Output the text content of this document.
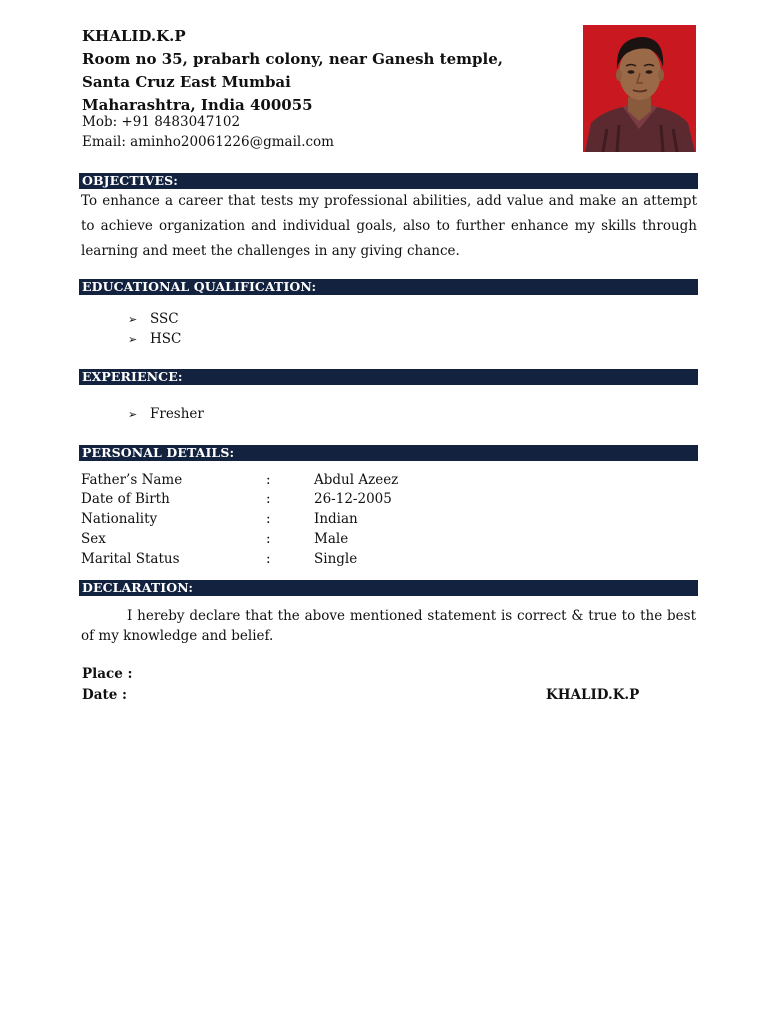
KHALID.K.P
Room no 35, prabarh colony, near Ganesh temple,
Santa Cruz East Mumbai
Maharashtra, India 400055
Mob: +91 8483047102
Email: aminho20061226@gmail.com
OBJECTIVES:
To enhance a career that tests my professional abilities, add value and make an attempt to achieve organization and individual goals, also to further enhance my skills through learning and meet the challenges in any giving chance.
EDUCATIONAL QUALIFICATION:
➢ SSC
➢ HSC
EXPERIENCE:
➢ Fresher
PERSONAL DETAILS:
Father’s Name	:	Abdul Azeez
Date of Birth	:	26-12-2005
Nationality	:	Indian
Sex	:	Male
Marital Status	:	Single
DECLARATION:
I hereby declare that the above mentioned statement is correct & true to the best of my knowledge and belief.
Place :
Date :	KHALID.K.P
